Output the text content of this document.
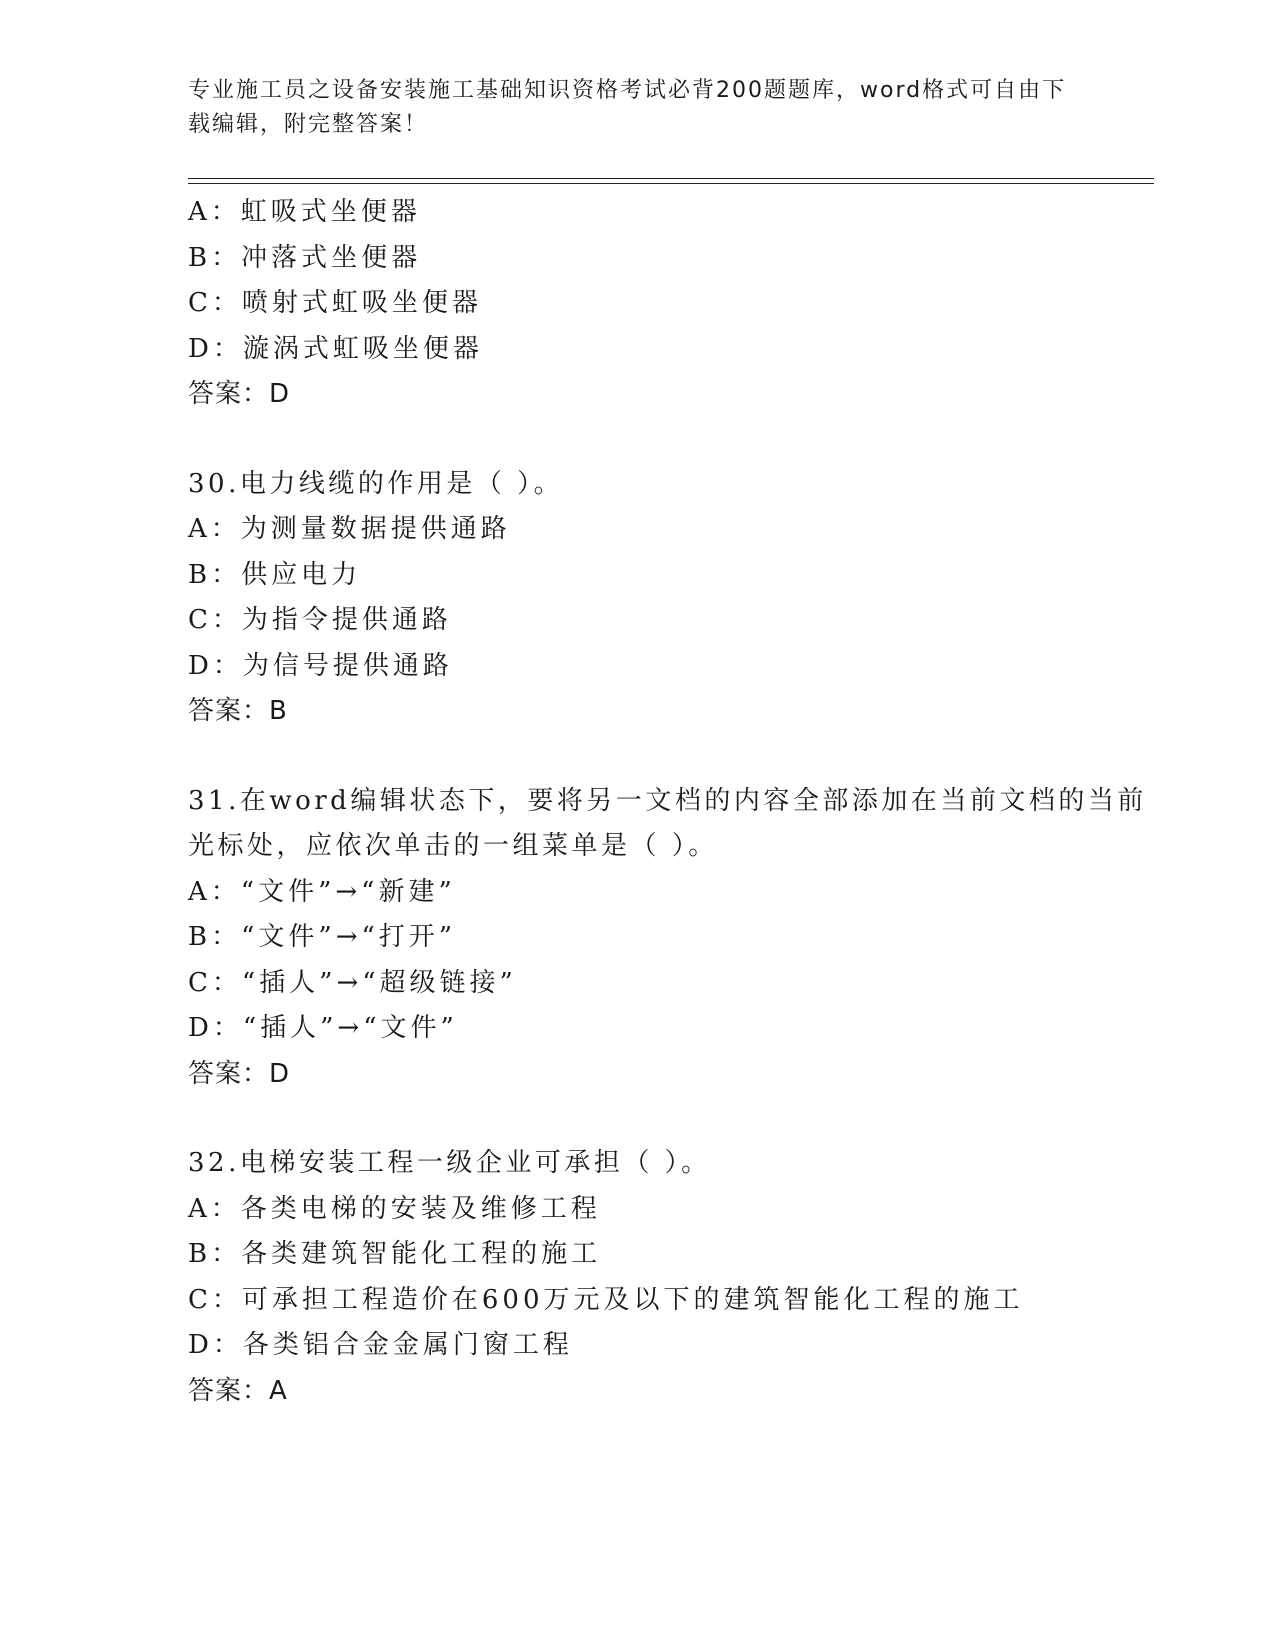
专业施工员之设备安装施工基础知识资格考试必背200题题库，word格式可自由下载编辑，附完整答案！
A：虹吸式坐便器
B：冲落式坐便器
C：喷射式虹吸坐便器
D：漩涡式虹吸坐便器
答案：D
30.电力线缆的作用是（ ）。
A：为测量数据提供通路
B：供应电力
C：为指令提供通路
D：为信号提供通路
答案：B
31.在word编辑状态下，要将另一文档的内容全部添加在当前文档的当前光标处，应依次单击的一组菜单是（ ）。
A：“文件”→“新建”
B：“文件”→“打开”
C：“插人”→“超级链接”
D：“插人”→“文件”
答案：D
32.电梯安装工程一级企业可承担（ ）。
A：各类电梯的安装及维修工程
B：各类建筑智能化工程的施工
C：可承担工程造价在600万元及以下的建筑智能化工程的施工
D：各类铝合金金属门窗工程
答案：A
